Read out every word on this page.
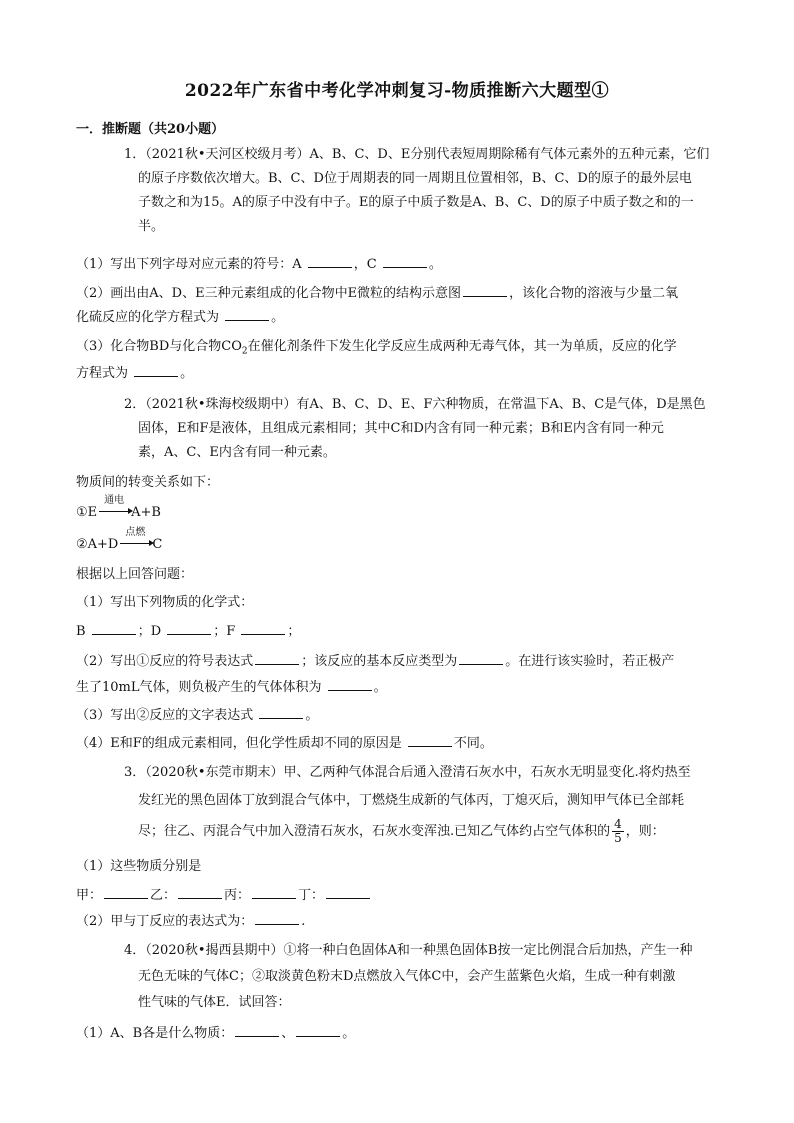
2022年广东省中考化学冲刺复习-物质推断六大题型①
一．推断题（共20小题）
1．（2021秋•天河区校级月考）A、B、C、D、E分别代表短周期除稀有气体元素外的五种元素，它们
的原子序数依次增大。B、C、D位于周期表的同一周期且位置相邻，B、C、D的原子的最外层电
子数之和为15。A的原子中没有中子。E的原子中质子数是A、B、C、D的原子中质子数之和的一
半。
（1）写出下列字母对应元素的符号：A	，C	。
（2）画出由A、D、E三种元素组成的化合物中E微粒的结构示意图	，该化合物的溶液与少量二氧
化硫反应的化学方程式为	。
（3）化合物BD与化合物$CO_2$在催化剂条件下发生化学反应生成两种无毒气体，其一为单质，反应的化学
方程式为	。
2．（2021秋•珠海校级期中）有A、B、C、D、E、F六种物质，在常温下A、B、C是气体，D是黑色
固体，E和F是液体，且组成元素相同；其中C和D内含有同一种元素；B和E内含有同一种元
素，A、C、E内含有同一种元素。
物质间的转变关系如下：
①E
通电
A+B
②A+D
点燃
C
根据以上回答问题：
（1）写出下列物质的化学式：
B	；D	；F	；
（2）写出①反应的符号表达式	；该反应的基本反应类型为	。在进行该实验时，若正极产
生了10mL气体，则负极产生的气体体积为	。
（3）写出②反应的文字表达式	。
（4）E和F的组成元素相同，但化学性质却不同的原因是	不同。
3．（2020秋•东莞市期末）甲、乙两种气体混合后通入澄清石灰水中，石灰水无明显变化.将灼热至
发红光的黑色固体丁放到混合气体中，丁燃烧生成新的气体丙，丁熄灭后，测知甲气体已全部耗
尽；往乙、丙混合气中加入澄清石灰水，石灰水变浑浊.已知乙气体约占空气体积的 $\frac{4}{5}$ ，则：
（1）这些物质分别是
甲：	乙：	丙：	丁：
（2）甲与丁反应的表达式为：	.
4．（2020秋•揭西县期中）①将一种白色固体A和一种黑色固体B按一定比例混合后加热，产生一种
无色无味的气体C；②取淡黄色粉末D点燃放入气体C中，会产生蓝紫色火焰，生成一种有刺激
性气味的气体E．试回答：
（1）A、B各是什么物质：	、	。
